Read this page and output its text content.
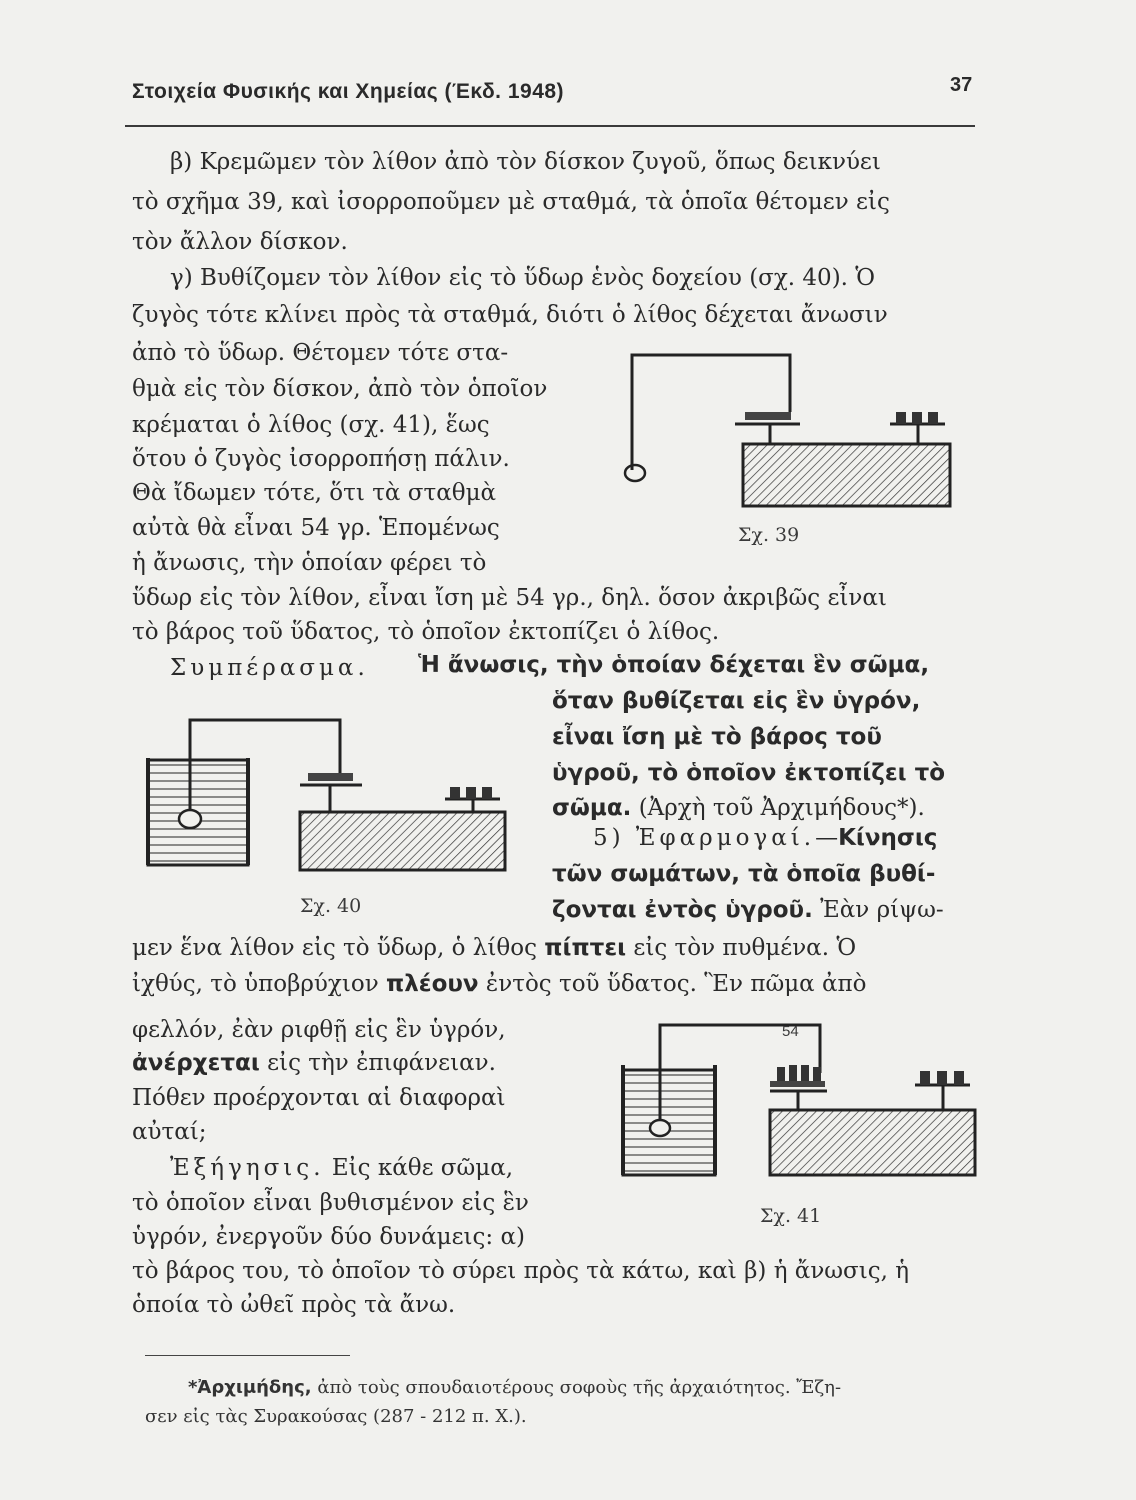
Στοιχεία Φυσικής και Χημείας (Έκδ. 1948)	37
β) Κρεμῶμεν τὸν λίθον ἀπὸ τὸν δίσκον ζυγοῦ, ὅπως δεικνύει
τὸ σχῆμα 39, καὶ ἰσορροποῦμεν μὲ σταθμά, τὰ ὁποῖα θέτομεν εἰς
τὸν ἄλλον δίσκον.
γ) Βυθίζομεν τὸν λίθον εἰς τὸ ὕδωρ ἑνὸς δοχείου (σχ. 40). Ὁ
ζυγὸς τότε κλίνει πρὸς τὰ σταθμά, διότι ὁ λίθος δέχεται ἄνωσιν
ἀπὸ τὸ ὕδωρ. Θέτομεν τότε στα-
θμὰ εἰς τὸν δίσκον, ἀπὸ τὸν ὁποῖον
κρέμαται ὁ λίθος (σχ. 41), ἕως
ὅτου ὁ ζυγὸς ἰσορροπήσῃ πάλιν.
Θὰ ἴδωμεν τότε, ὅτι τὰ σταθμὰ
αὐτὰ θὰ εἶναι 54 γρ. Ἑπομένως
ἡ ἄνωσις, τὴν ὁποίαν φέρει τὸ
ὕδωρ εἰς τὸν λίθον, εἶναι ἴση μὲ 54 γρ., δηλ. ὅσον ἀκριβῶς εἶναι
τὸ βάρος τοῦ ὕδατος, τὸ ὁποῖον ἐκτοπίζει ὁ λίθος.
Σχ. 39
Συμπέρασμα. Ἡ ἄνωσις, τὴν ὁποίαν δέχεται ἓν σῶμα,
ὅταν βυθίζεται εἰς ἓν ὑγρόν,
εἶναι ἴση μὲ τὸ βάρος τοῦ
ὑγροῦ, τὸ ὁποῖον ἐκτοπίζει τὸ
σῶμα. (Ἀρχὴ τοῦ Ἀρχιμήδους*).
Σχ. 40
5) Ἐφαρμογαί.—Κίνησις
τῶν σωμάτων, τὰ ὁποῖα βυθί-
ζονται ἐντὸς ὑγροῦ. Ἐὰν ρίψω-
μεν ἕνα λίθον εἰς τὸ ὕδωρ, ὁ λίθος πίπτει εἰς τὸν πυθμένα. Ὁ
ἰχθύς, τὸ ὑποβρύχιον πλέουν ἐντὸς τοῦ ὕδατος. Ἓν πῶμα ἀπὸ
φελλόν, ἐὰν ριφθῇ εἰς ἓν ὑγρόν,
ἀνέρχεται εἰς τὴν ἐπιφάνειαν.
Πόθεν προέρχονται αἱ διαφοραὶ
αὐταί;
54
Σχ. 41
Ἐξήγησις. Εἰς κάθε σῶμα,
τὸ ὁποῖον εἶναι βυθισμένον εἰς ἓν
ὑγρόν, ἐνεργοῦν δύο δυνάμεις: α)
τὸ βάρος του, τὸ ὁποῖον τὸ σύρει πρὸς τὰ κάτω, καὶ β) ἡ ἄνωσις, ἡ
ὁποία τὸ ὠθεῖ πρὸς τὰ ἄνω.
*Ἀρχιμήδης, ἀπὸ τοὺς σπουδαιοτέρους σοφοὺς τῆς ἀρχαιότητος. Ἔζη-
σεν εἰς τὰς Συρακούσας (287 - 212 π. Χ.).
